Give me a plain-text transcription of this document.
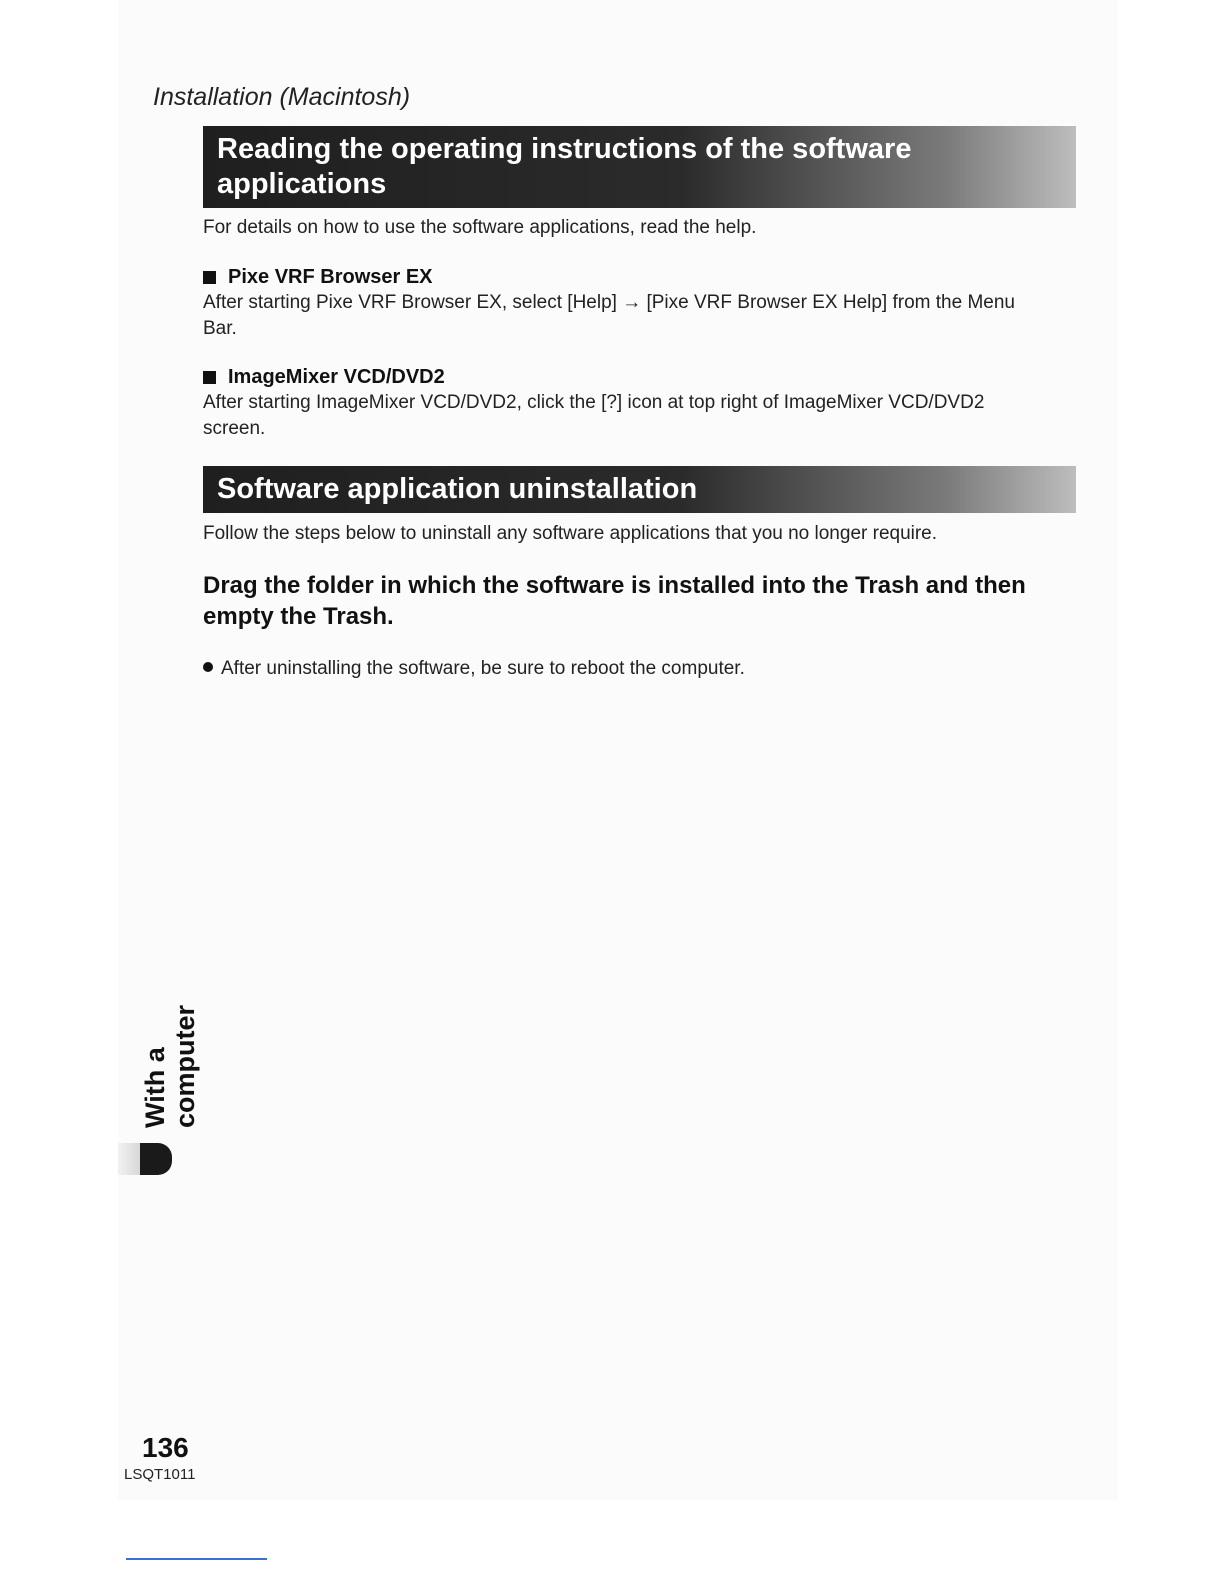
Installation (Macintosh)
Reading the operating instructions of the software
applications
For details on how to use the software applications, read the help.
Pixe VRF Browser EX
After starting Pixe VRF Browser EX, select [Help] → [Pixe VRF Browser EX Help] from the Menu
Bar.
ImageMixer VCD/DVD2
After starting ImageMixer VCD/DVD2, click the [?] icon at top right of ImageMixer VCD/DVD2
screen.
Software application uninstallation
Follow the steps below to uninstall any software applications that you no longer require.
Drag the folder in which the software is installed into the Trash and then
empty the Trash.
After uninstalling the software, be sure to reboot the computer.
With a computer
136
LSQT1011
